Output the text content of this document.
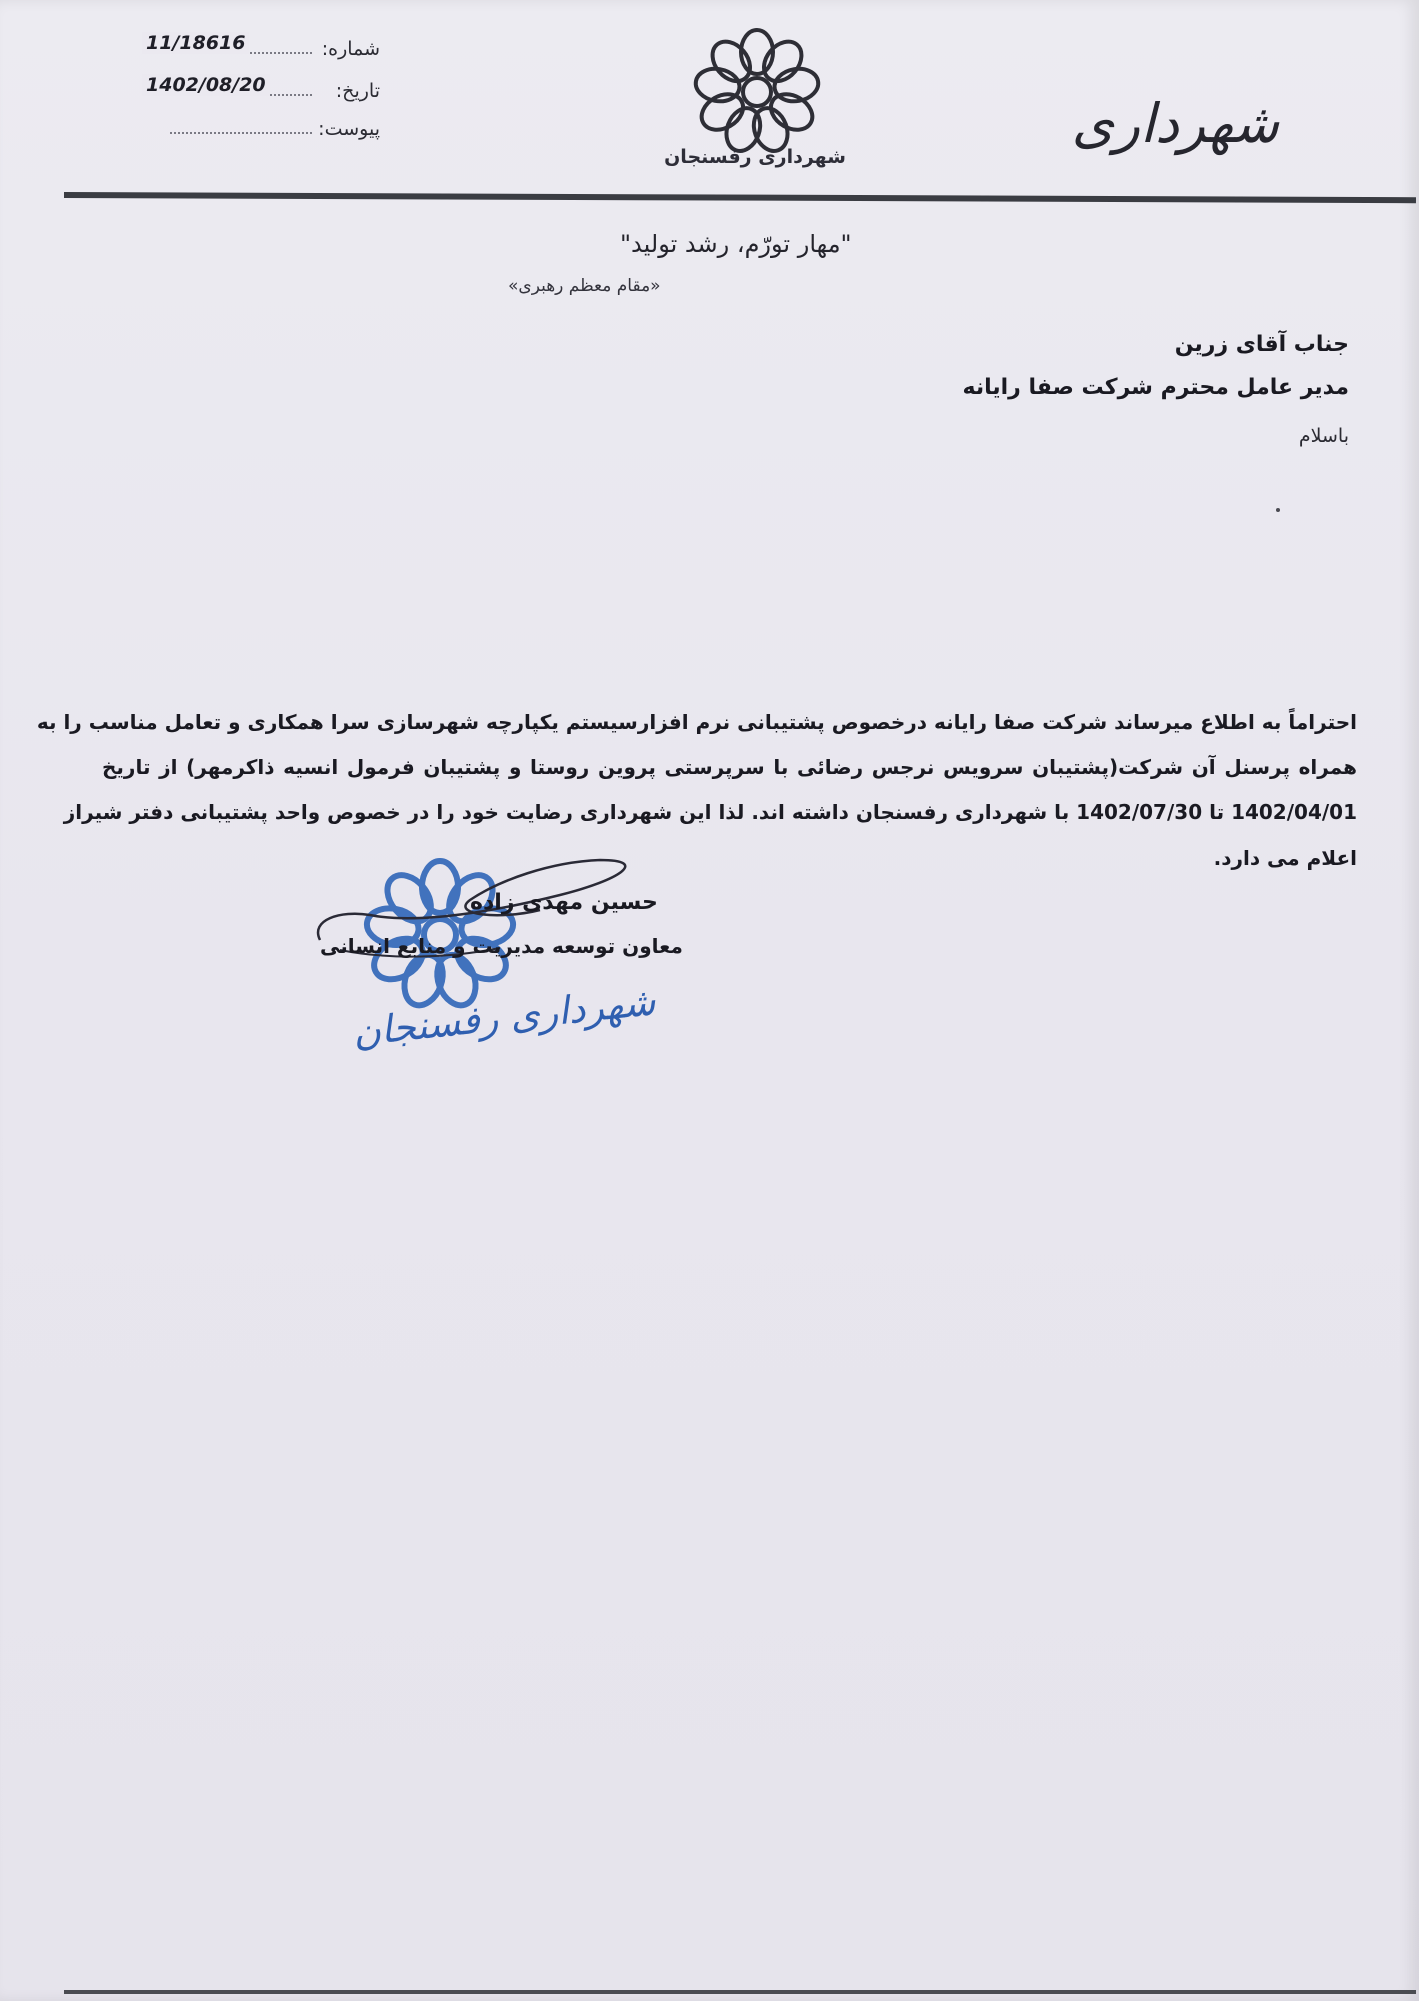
شماره:
11/18616
تاریخ:
1402/08/20
پیوست:
شهرداری رفسنجان
شهرداری
"مهار تورّم، رشد تولید"
«مقام معظم رهبری»
جناب آقای زرین
مدیر عامل محترم شرکت صفا رایانه
باسلام
احتراماً به اطلاع میرساند شرکت صفا رایانه درخصوص پشتیبانی نرم افزارسیستم یکپارچه شهرسازی سرا همکاری و تعامل مناسب را به
همراه پرسنل آن شرکت(پشتیبان سرویس نرجس رضائی با سرپرستی پروین روستا و پشتیبان فرمول انسیه ذاکرمهر) از تاریخ
1402/04/01 تا 1402/07/30 با شهرداری رفسنجان داشته اند. لذا این شهرداری رضایت خود را در خصوص واحد پشتیبانی دفتر شیراز
اعلام می دارد.
شهرداری رفسنجان
حسین مهدی زاده
معاون توسعه مدیریت و منابع انسانی
